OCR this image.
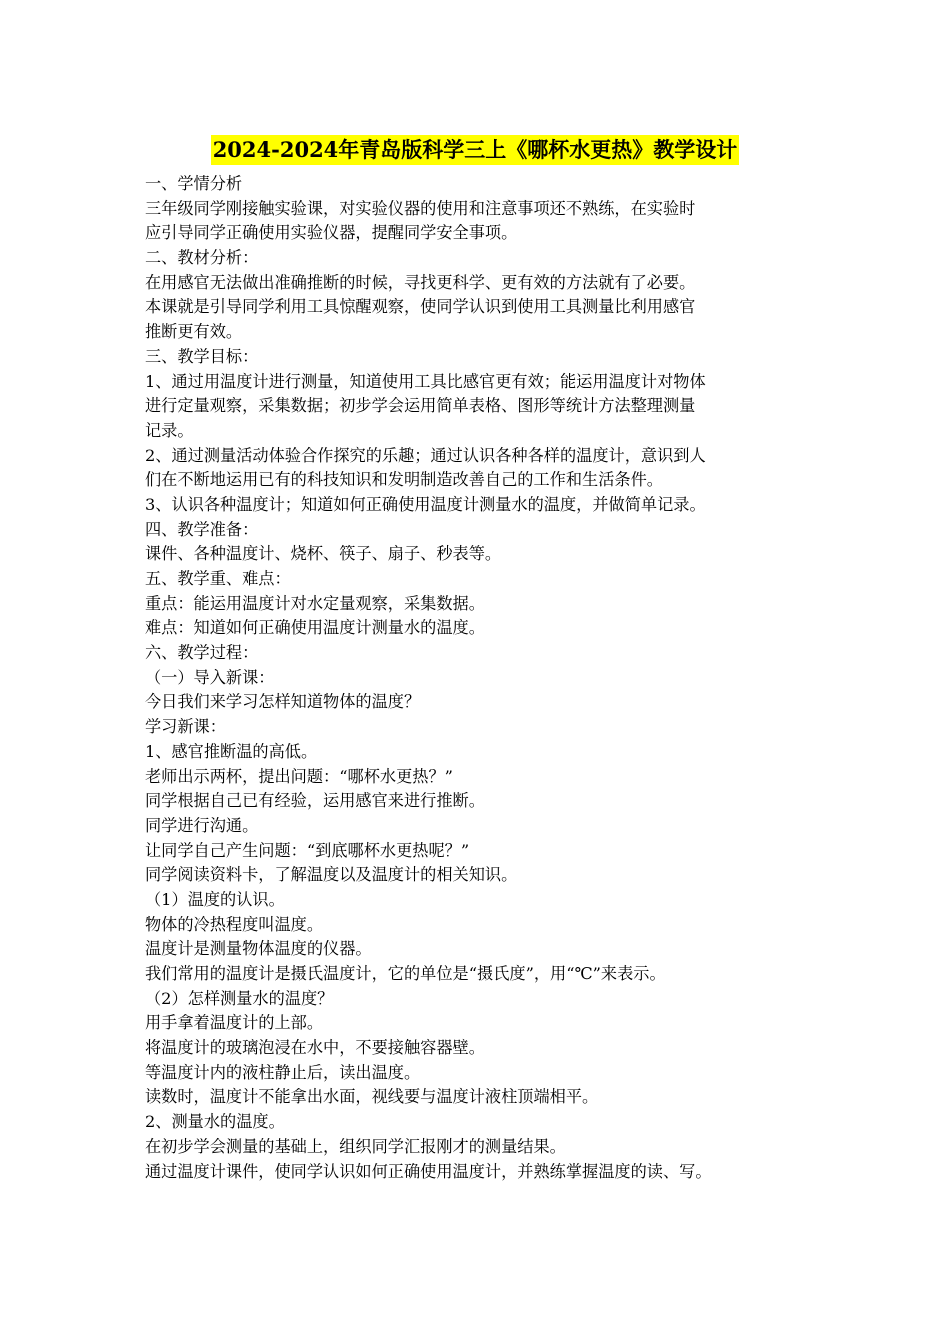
2024-2024年青岛版科学三上《哪杯水更热》教学设计
一、学情分析
三年级同学刚接触实验课，对实验仪器的使用和注意事项还不熟练，在实验时
应引导同学正确使用实验仪器，提醒同学安全事项。
二、教材分析：
在用感官无法做出准确推断的时候，寻找更科学、更有效的方法就有了必要。
本课就是引导同学利用工具惊醒观察，使同学认识到使用工具测量比利用感官
推断更有效。
三、教学目标：
1、通过用温度计进行测量，知道使用工具比感官更有效；能运用温度计对物体
进行定量观察，采集数据；初步学会运用简单表格、图形等统计方法整理测量
记录。
2、通过测量活动体验合作探究的乐趣；通过认识各种各样的温度计，意识到人
们在不断地运用已有的科技知识和发明制造改善自己的工作和生活条件。
3、认识各种温度计；知道如何正确使用温度计测量水的温度，并做简单记录。
四、教学准备：
课件、各种温度计、烧杯、筷子、扇子、秒表等。
五、教学重、难点：
重点：能运用温度计对水定量观察，采集数据。
难点：知道如何正确使用温度计测量水的温度。
六、教学过程：
（一）导入新课：
今日我们来学习怎样知道物体的温度？
学习新课：
1、感官推断温的高低。
老师出示两杯，提出问题：“哪杯水更热？”
同学根据自己已有经验，运用感官来进行推断。
同学进行沟通。
让同学自己产生问题：“到底哪杯水更热呢？”
同学阅读资料卡，了解温度以及温度计的相关知识。
（1）温度的认识。
物体的冷热程度叫温度。
温度计是测量物体温度的仪器。
我们常用的温度计是摄氏温度计，它的单位是“摄氏度”，用“℃”来表示。
（2）怎样测量水的温度？
用手拿着温度计的上部。
将温度计的玻璃泡浸在水中，不要接触容器壁。
等温度计内的液柱静止后，读出温度。
读数时，温度计不能拿出水面，视线要与温度计液柱顶端相平。
2、测量水的温度。
在初步学会测量的基础上，组织同学汇报刚才的测量结果。
通过温度计课件，使同学认识如何正确使用温度计，并熟练掌握温度的读、写。
